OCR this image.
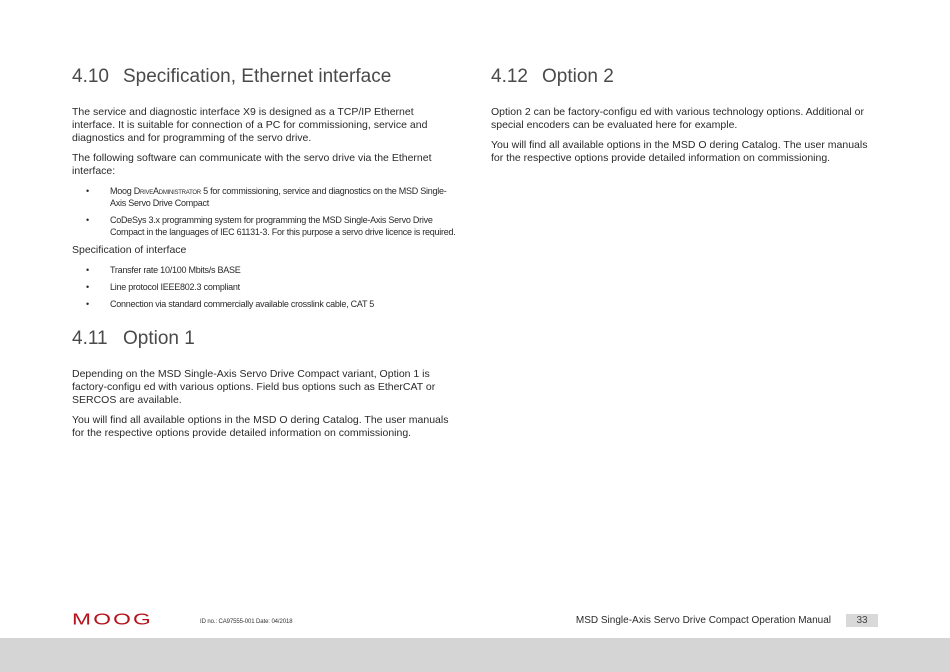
4.10 Specification, Ethernet interface

The service and diagnostic interface X9 is designed as a TCP/IP Ethernet interface. It is suitable for connection of a PC for commissioning, service and diagnostics and for programming of the servo drive.

The following software can communicate with the servo drive via the Ethernet interface:

• Moog DriveAdministrator 5 for commissioning, service and diagnostics on the MSD Single-Axis Servo Drive Compact
• CoDeSys 3.x programming system for programming the MSD Single-Axis Servo Drive Compact in the languages of IEC 61131-3. For this purpose a servo drive licence is required.

Specification of interface

• Transfer rate 10/100 Mbits/s BASE
• Line protocol IEEE802.3 compliant
• Connection via standard commercially available crosslink cable, CAT 5
4.11 Option 1

Depending on the MSD Single-Axis Servo Drive Compact variant, Option 1 is factory-configu ed with various options. Field bus options such as EtherCAT or SERCOS are available.

You will find all available options in the MSD O dering Catalog. The user manuals for the respective options provide detailed information on commissioning.

4.12 Option 2

Option 2 can be factory-configu ed with various technology options. Additional or special encoders can be evaluated here for example.

You will find all available options in the MSD O dering Catalog. The user manuals for the respective options provide detailed information on commissioning.

MOOG	ID no.: CA97555-001 Date: 04/2018	MSD Single-Axis Servo Drive Compact Operation Manual	33
